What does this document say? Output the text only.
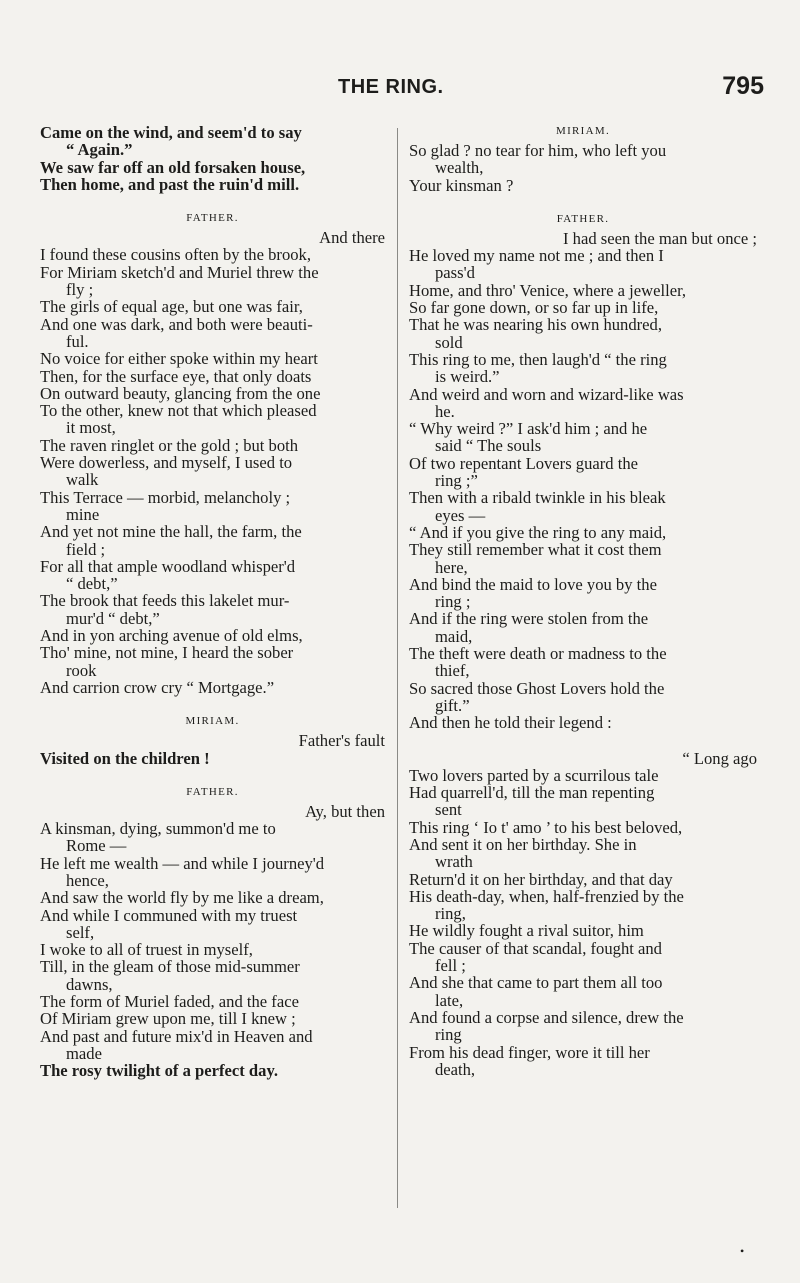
THE RING.	795
Came on the wind, and seem'd to say
“ Again.”
We saw far off an old forsaken house,
Then home, and past the ruin'd mill.
FATHER.
And there
I found these cousins often by the brook,
For Miriam sketch'd and Muriel threw the
fly ;
The girls of equal age, but one was fair,
And one was dark, and both were beauti-
ful.
No voice for either spoke within my heart
Then, for the surface eye, that only doats
On outward beauty, glancing from the one
To the other, knew not that which pleased
it most,
The raven ringlet or the gold ; but both
Were dowerless, and myself, I used to
walk
This Terrace — morbid, melancholy ;
mine
And yet not mine the hall, the farm, the
field ;
For all that ample woodland whisper'd
“ debt,”
The brook that feeds this lakelet mur-
mur'd “ debt,”
And in yon arching avenue of old elms,
Tho' mine, not mine, I heard the sober
rook
And carrion crow cry “ Mortgage.”
MIRIAM.
Father's fault
Visited on the children !
FATHER.
Ay, but then
A kinsman, dying, summon'd me to
Rome —
He left me wealth — and while I journey'd
hence,
And saw the world fly by me like a dream,
And while I communed with my truest
self,
I woke to all of truest in myself,
Till, in the gleam of those mid-summer
dawns,
The form of Muriel faded, and the face
Of Miriam grew upon me, till I knew ;
And past and future mix'd in Heaven and
made
The rosy twilight of a perfect day.
MIRIAM.
So glad ? no tear for him, who left you
wealth,
Your kinsman ?
FATHER.
I had seen the man but once ;
He loved my name not me ; and then I
pass'd
Home, and thro' Venice, where a jeweller,
So far gone down, or so far up in life,
That he was nearing his own hundred,
sold
This ring to me, then laugh'd “ the ring
is weird.”
And weird and worn and wizard-like was
he.
“ Why weird ?” I ask'd him ; and he
said “ The souls
Of two repentant Lovers guard the
ring ;”
Then with a ribald twinkle in his bleak
eyes —
“ And if you give the ring to any maid,
They still remember what it cost them
here,
And bind the maid to love you by the
ring ;
And if the ring were stolen from the
maid,
The theft were death or madness to the
thief,
So sacred those Ghost Lovers hold the
gift.”
And then he told their legend :
“ Long ago
Two lovers parted by a scurrilous tale
Had quarrell'd, till the man repenting
sent
This ring ‘ Io t' amo ’ to his best beloved,
And sent it on her birthday. She in
wrath
Return'd it on her birthday, and that day
His death-day, when, half-frenzied by the
ring,
He wildly fought a rival suitor, him
The causer of that scandal, fought and
fell ;
And she that came to part them all too
late,
And found a corpse and silence, drew the
ring
From his dead finger, wore it till her
death,
•
